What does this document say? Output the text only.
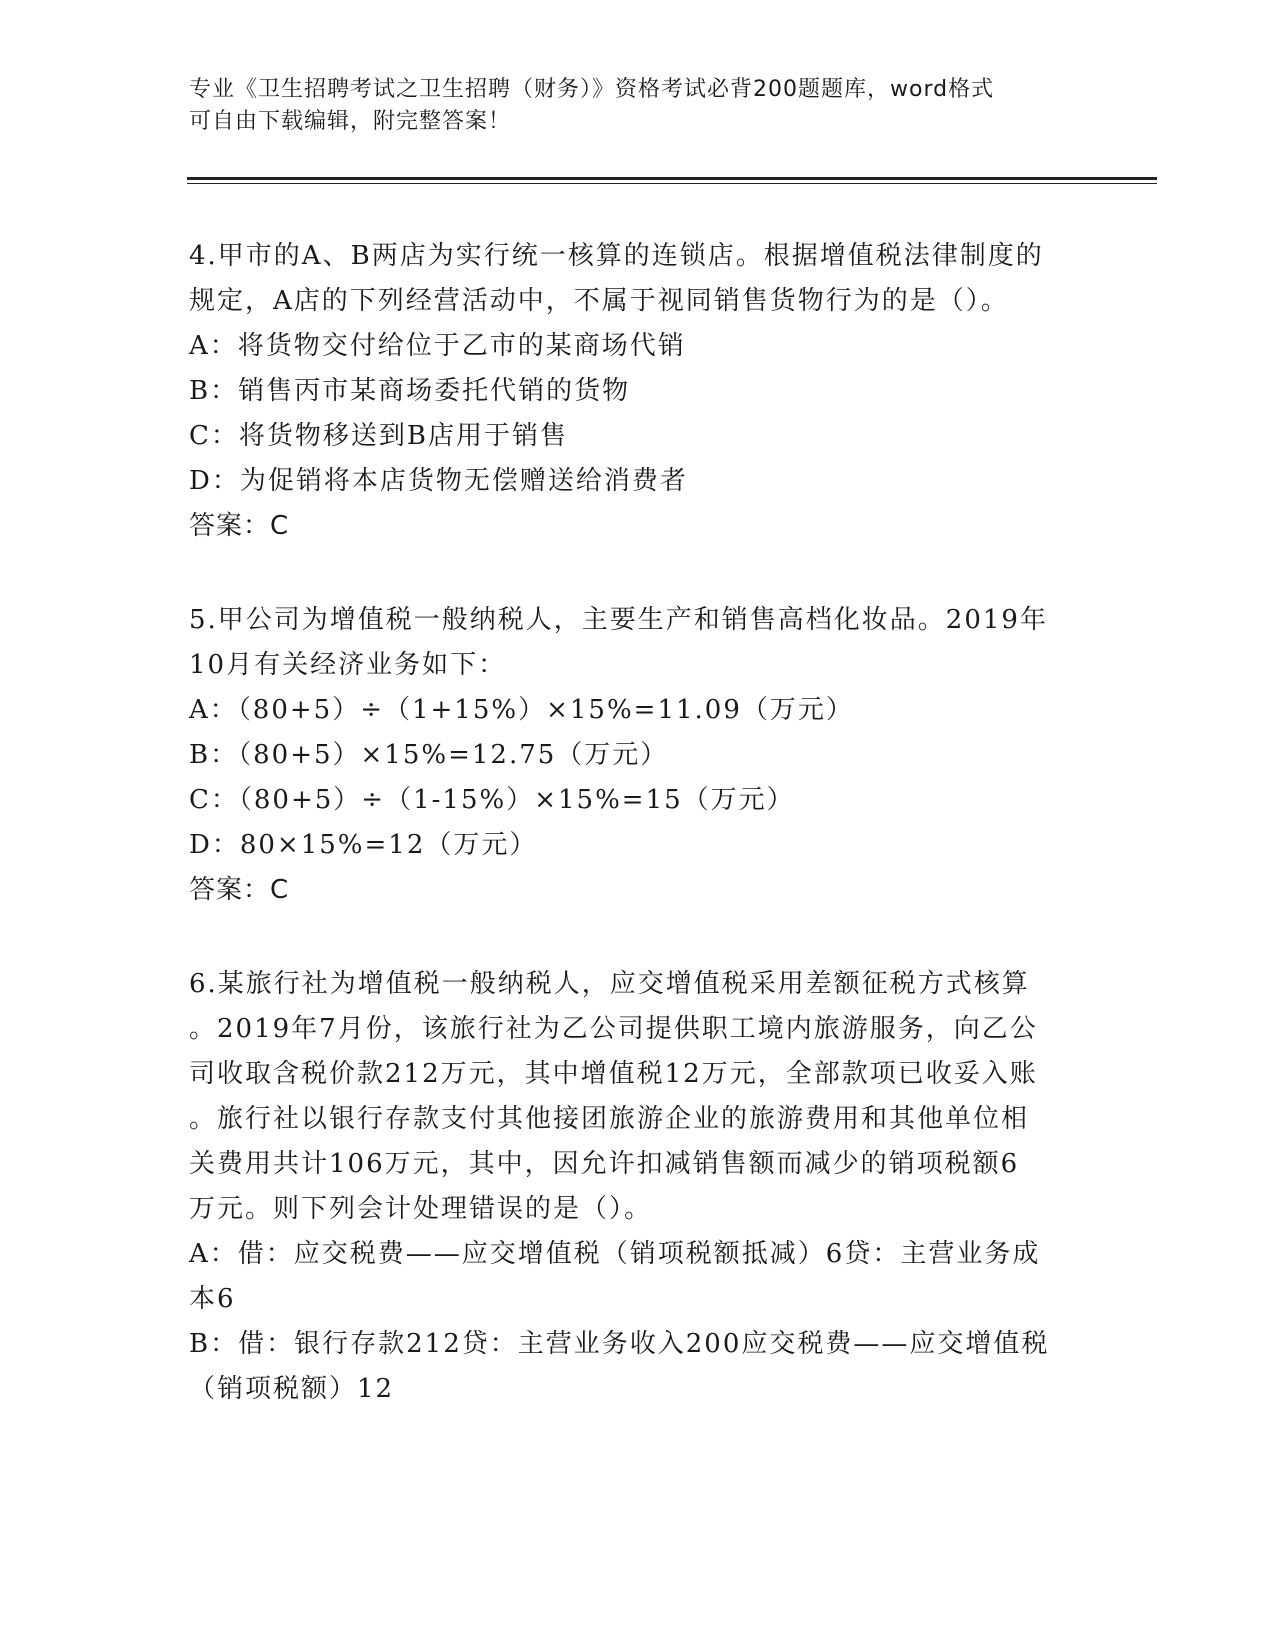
专业《卫生招聘考试之卫生招聘（财务）》资格考试必背200题题库，word格式
可自由下载编辑，附完整答案！
4.甲市的A、B两店为实行统一核算的连锁店。根据增值税法律制度的
规定，A店的下列经营活动中，不属于视同销售货物行为的是（）。
A：将货物交付给位于乙市的某商场代销
B：销售丙市某商场委托代销的货物
C：将货物移送到B店用于销售
D：为促销将本店货物无偿赠送给消费者
答案：C
5.甲公司为增值税一般纳税人，主要生产和销售高档化妆品。2019年
10月有关经济业务如下：
A：（80+5）÷（1+15%）×15%=11.09（万元）
B：（80+5）×15%=12.75（万元）
C：（80+5）÷（1-15%）×15%=15（万元）
D：80×15%=12（万元）
答案：C
6.某旅行社为增值税一般纳税人，应交增值税采用差额征税方式核算
。2019年7月份，该旅行社为乙公司提供职工境内旅游服务，向乙公
司收取含税价款212万元，其中增值税12万元，全部款项已收妥入账
。旅行社以银行存款支付其他接团旅游企业的旅游费用和其他单位相
关费用共计106万元，其中，因允许扣减销售额而减少的销项税额6
万元。则下列会计处理错误的是（）。
A：借：应交税费——应交增值税（销项税额抵减）6贷：主营业务成
本6
B：借：银行存款212贷：主营业务收入200应交税费——应交增值税
（销项税额）12
